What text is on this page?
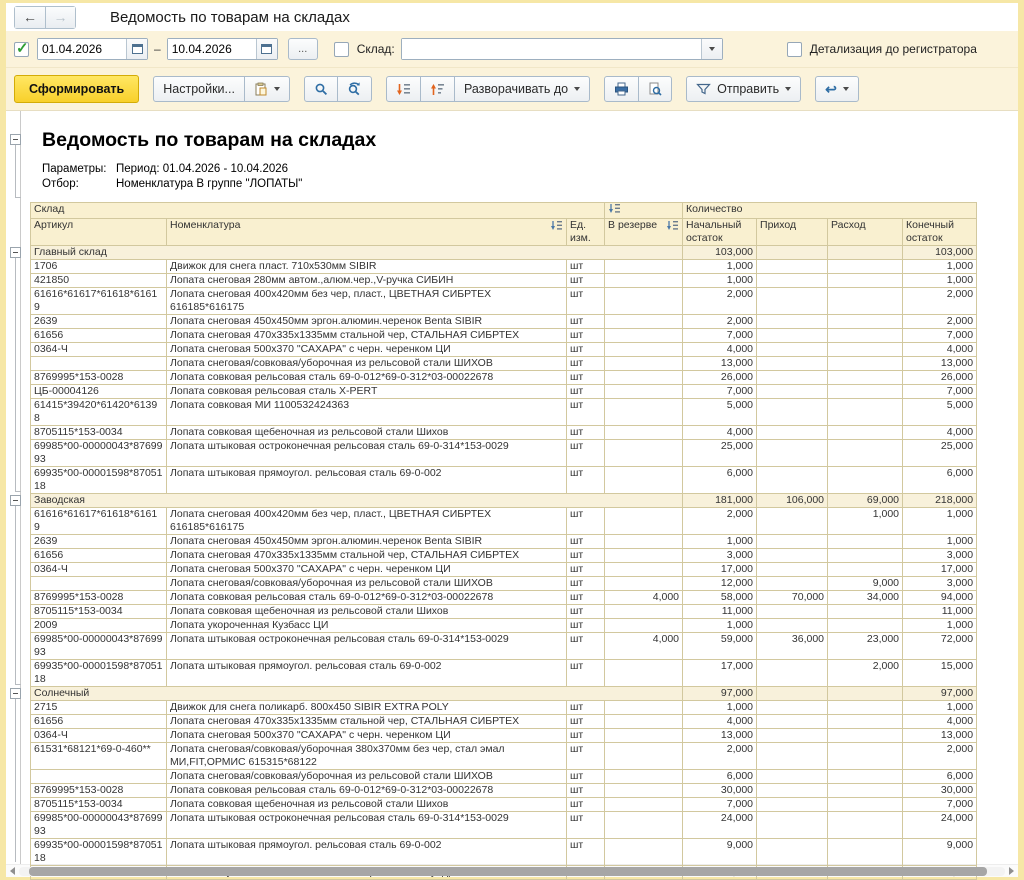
← →	Ведомость по товарам на складах
✓
01.04.2026
–
10.04.2026	...	Склад:	Детализация до регистратора
Сформировать	Настройки...	Разворачивать до	Отправить	↩
Ведомость по товарам на складах
Параметры: Период: 01.04.2026 - 10.04.2026
Отбор:	Номенклатура В группе "ЛОПАТЫ"
Склад				Количество			
Артикул	Номенклатура	Ед. изм.	В резерве	Начальный остаток	Приход	Расход	Конечный остаток
Главный склад				103,000			103,000
1706	Движок для снега пласт. 710х530мм SIBIR	шт		1,000			1,000
421850	Лопата снеговая 280мм автом.,алюм.чер.,V-ручка СИБИН	шт		1,000			1,000
61616*61617*61618*61619	Лопата снеговая 400х420мм без чер, пласт., ЦВЕТНАЯ СИБРТЕХ 616185*616175	шт		2,000			2,000
2639	Лопата снеговая 450х450мм эргон.алюмин.черенок Benta SIBIR	шт		2,000			2,000
61656	Лопата снеговая 470х335х1335мм стальной чер, СТАЛЬНАЯ СИБРТЕХ	шт		7,000			7,000
0364-Ч	Лопата снеговая 500х370 "САХАРА" с черн. черенком ЦИ	шт		4,000			4,000
	Лопата снеговая/совковая/уборочная из рельсовой стали ШИХОВ	шт		13,000			13,000
8769995*153-0028	Лопата совковая рельсовая сталь 69-0-012*69-0-312*03-00022678	шт		26,000			26,000
ЦБ-00004126	Лопата совковая рельсовая сталь X-PERT	шт		7,000			7,000
61415*39420*61420*61398	Лопата совковая МИ 1100532424363	шт		5,000			5,000
8705115*153-0034	Лопата совковая щебеночная из рельсовой стали Шихов	шт		4,000			4,000
69985*00-00000043*8769993	Лопата штыковая остроконечная рельсовая сталь 69-0-314*153-0029	шт		25,000			25,000
69935*00-00001598*8705118	Лопата штыковая прямоугол. рельсовая сталь 69-0-002	шт		6,000			6,000
Заводская				181,000	106,000	69,000	218,000
61616*61617*61618*61619	Лопата снеговая 400х420мм без чер, пласт., ЦВЕТНАЯ СИБРТЕХ 616185*616175	шт		2,000		1,000	1,000
2639	Лопата снеговая 450х450мм эргон.алюмин.черенок Benta SIBIR	шт		1,000			1,000
61656	Лопата снеговая 470х335х1335мм стальной чер, СТАЛЬНАЯ СИБРТЕХ	шт		3,000			3,000
0364-Ч	Лопата снеговая 500х370 "САХАРА" с черн. черенком ЦИ	шт		17,000			17,000
	Лопата снеговая/совковая/уборочная из рельсовой стали ШИХОВ	шт		12,000		9,000	3,000
8769995*153-0028	Лопата совковая рельсовая сталь 69-0-012*69-0-312*03-00022678	шт	4,000	58,000	70,000	34,000	94,000
8705115*153-0034	Лопата совковая щебеночная из рельсовой стали Шихов	шт		11,000			11,000
2009	Лопата укороченная Кузбасс ЦИ	шт		1,000			1,000
69985*00-00000043*8769993	Лопата штыковая остроконечная рельсовая сталь 69-0-314*153-0029	шт	4,000	59,000	36,000	23,000	72,000
69935*00-00001598*8705118	Лопата штыковая прямоугол. рельсовая сталь 69-0-002	шт		17,000		2,000	15,000
Солнечный				97,000			97,000
2715	Движок для снега поликарб. 800х450 SIBIR EXTRA POLY	шт		1,000			1,000
61656	Лопата снеговая 470х335х1335мм стальной чер, СТАЛЬНАЯ СИБРТЕХ	шт		4,000			4,000
0364-Ч	Лопата снеговая 500х370 "САХАРА" с черн. черенком ЦИ	шт		13,000			13,000
61531*68121*69-0-460**	Лопата снеговая/совковая/уборочная 380х370мм без чер, стал эмал МИ,FIT,ОРМИС 615315*68122	шт		2,000			2,000
	Лопата снеговая/совковая/уборочная из рельсовой стали ШИХОВ	шт		6,000			6,000
8769995*153-0028	Лопата совковая рельсовая сталь 69-0-012*69-0-312*03-00022678	шт		30,000			30,000
8705115*153-0034	Лопата совковая щебеночная из рельсовой стали Шихов	шт		7,000			7,000
69985*00-00000043*8769993	Лопата штыковая остроконечная рельсовая сталь 69-0-314*153-0029	шт		24,000			24,000
69935*00-00001598*8705118	Лопата штыковая прямоугол. рельсовая сталь 69-0-002	шт		9,000			9,000
